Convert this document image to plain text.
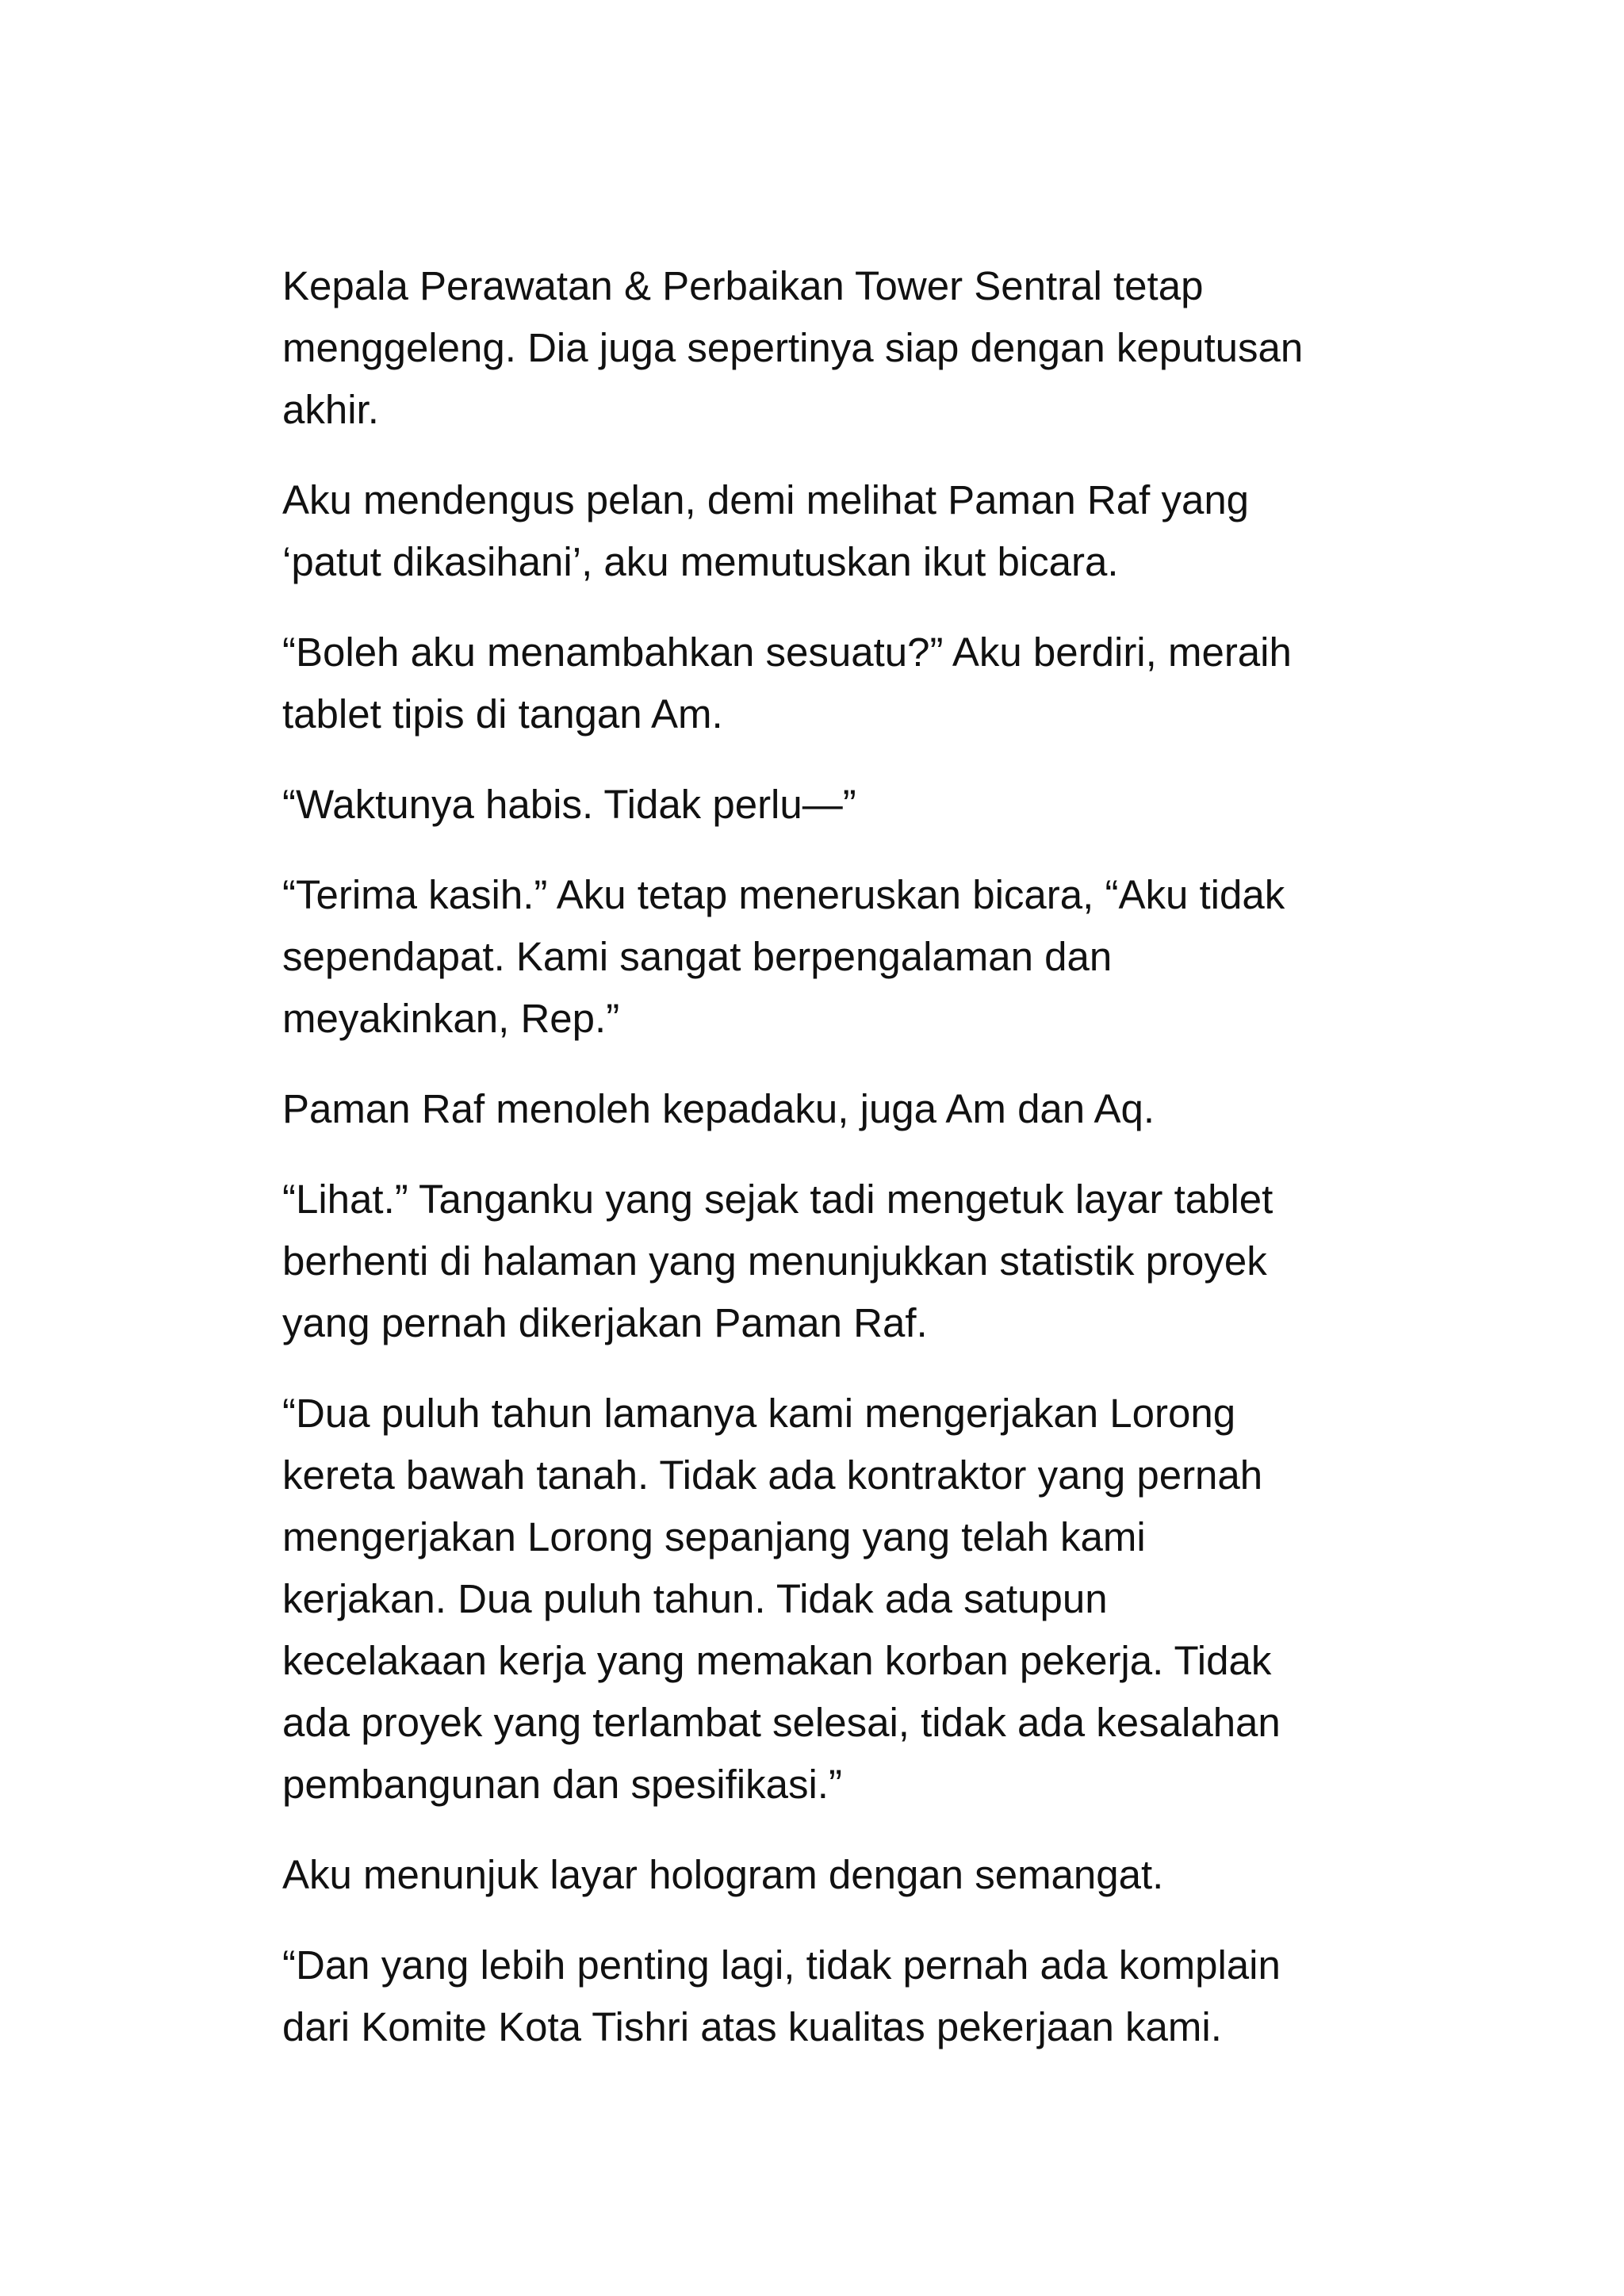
Kepala Perawatan & Perbaikan Tower Sentral tetap
menggeleng. Dia juga sepertinya siap dengan keputusan
akhir.

Aku mendengus pelan, demi melihat Paman Raf yang
‘patut dikasihani’, aku memutuskan ikut bicara.

“Boleh aku menambahkan sesuatu?” Aku berdiri, meraih
tablet tipis di tangan Am.

“Waktunya habis. Tidak perlu—”

“Terima kasih.” Aku tetap meneruskan bicara, “Aku tidak
sependapat. Kami sangat berpengalaman dan
meyakinkan, Rep.”

Paman Raf menoleh kepadaku, juga Am dan Aq.

“Lihat.” Tanganku yang sejak tadi mengetuk layar tablet
berhenti di halaman yang menunjukkan statistik proyek
yang pernah dikerjakan Paman Raf.

“Dua puluh tahun lamanya kami mengerjakan Lorong
kereta bawah tanah. Tidak ada kontraktor yang pernah
mengerjakan Lorong sepanjang yang telah kami
kerjakan. Dua puluh tahun. Tidak ada satupun
kecelakaan kerja yang memakan korban pekerja. Tidak
ada proyek yang terlambat selesai, tidak ada kesalahan
pembangunan dan spesifikasi.”

Aku menunjuk layar hologram dengan semangat.

“Dan yang lebih penting lagi, tidak pernah ada komplain
dari Komite Kota Tishri atas kualitas pekerjaan kami.
